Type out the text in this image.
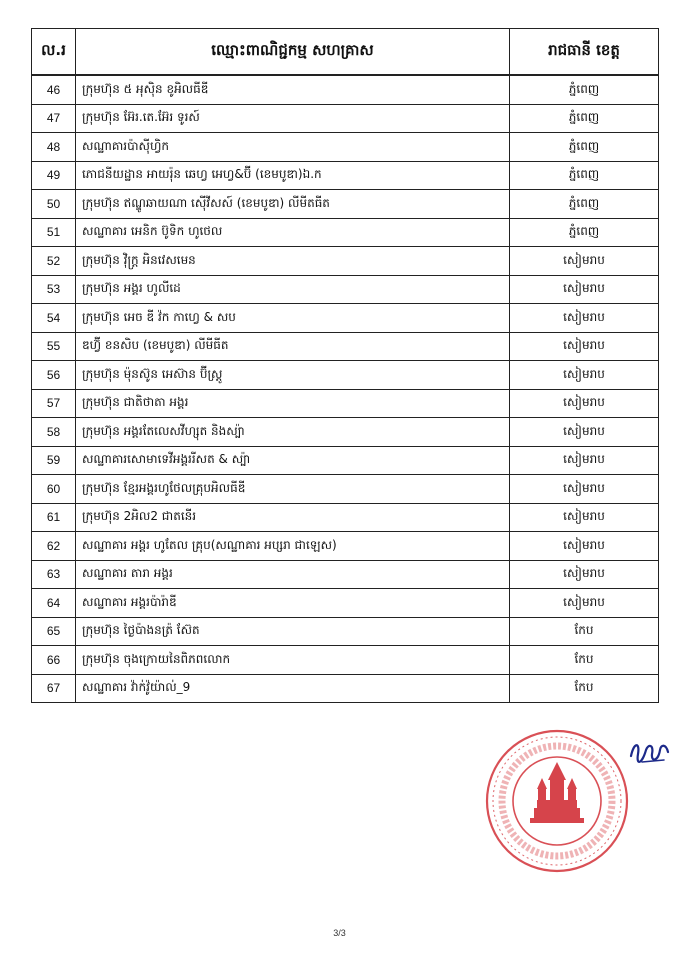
ល.រ	ឈ្មោះពាណិជ្ជកម្ម សហគ្រាស	រាជធានី ខេត្ត
46	ក្រុមហ៊ុន ៥ អុស៊ិន ខូអិលធីឌី	ភ្នំពេញ
47	ក្រុមហ៊ុន អ៊ែរ.តេ.អ៊ែរ ទូរស៍	ភ្នំពេញ
48	សណ្ឋាគារប៉ាស៊ីហ្វិក	ភ្នំពេញ
49	ភោជនីយដ្ឋាន អាយរ៉ុន ឆេហ្វ អេហ្វ&ប៊ី (ខេមបូឌា)ឯ.ក	ភ្នំពេញ
50	ក្រុមហ៊ុន ឥណ្ឌូឆាយណា ស៊ើវីសស៍ (ខេមបូឌា) លីមីតធីត	ភ្នំពេញ
51	សណ្ឋាគារ អេនិក ប៊ូទិក ហូថេល	ភ្នំពេញ
52	ក្រុមហ៊ុន វ៉ិក្ត្រ អិនវេសមេន	សៀមរាប
53	ក្រុមហ៊ុន អង្គរ ហូលីដេ	សៀមរាប
54	ក្រុមហ៊ុន អេច ឌី វ៉ក កាហ្វេ & សប	សៀមរាប
55	ឌហ្វ៊ី ខនសិប (ខេមបូឌា) លីមីធីត	សៀមរាប
56	ក្រុមហ៊ុន ម៉ុនស៊ូន អេស៊ាន ប៊ីស្ត្រូ	សៀមរាប
57	ក្រុមហ៊ុន ជាតិថាតា អង្គរ	សៀមរាប
58	ក្រុមហ៊ុន អង្គរតែលេសវីហ្សុត និងស្ប៉ា	សៀមរាប
59	សណ្ឋាគារសោមាទេវីអង្គររីសត & ស្ប៉ា	សៀមរាប
60	ក្រុមហ៊ុន ខ្មែរអង្គរហូថែលគ្រុបអិលធីឌី	សៀមរាប
61	ក្រុមហ៊ុន 2អិល2 ជាតនើរ	សៀមរាប
62	សណ្ឋាគារ អង្គរ ហូតែល គ្រុប(សណ្ឋាគារ អប្សរា ជាឡេស)	សៀមរាប
63	សណ្ឋាគារ តារា អង្គរ	សៀមរាប
64	សណ្ឋាគារ អង្គរប៉ារ៉ាឌី	សៀមរាប
65	ក្រុមហ៊ុន ថ្ងៃប៉ាងនត្រ៉ ស៊ែត	កែប
66	ក្រុមហ៊ុន ចុងក្រោយនៃពិភពលោក	កែប
67	សណ្ឋាគារ វ៉ាក់វ៉ូយ៉ាល់_9	កែប
3/3
